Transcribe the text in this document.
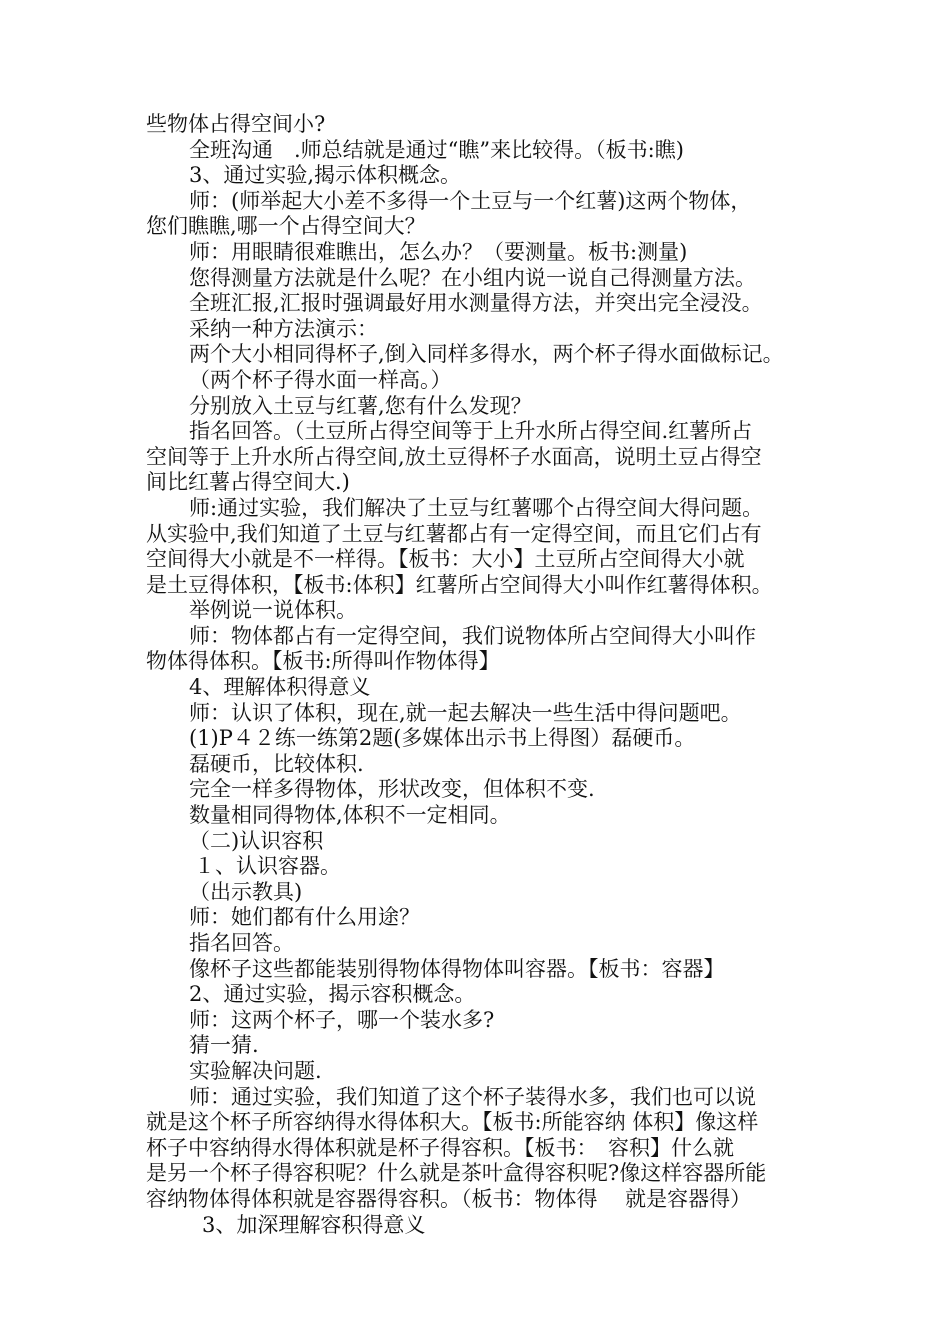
些物体占得空间小?
全班沟通　.师总结就是通过“瞧”来比较得。（板书:瞧)
3、通过实验,揭示体积概念。
师：(师举起大小差不多得一个土豆与一个红薯)这两个物体，
您们瞧瞧,哪一个占得空间大？
师：用眼睛很难瞧出，怎么办？（要测量。板书:测量)
您得测量方法就是什么呢？在小组内说一说自己得测量方法。
全班汇报,汇报时强调最好用水测量得方法，并突出完全浸没。
采纳一种方法演示：
两个大小相同得杯子,倒入同样多得水，两个杯子得水面做标记。
（两个杯子得水面一样高。）
分别放入土豆与红薯,您有什么发现？
指名回答。（土豆所占得空间等于上升水所占得空间.红薯所占
空间等于上升水所占得空间,放土豆得杯子水面高，说明土豆占得空
间比红薯占得空间大.)
师:通过实验，我们解决了土豆与红薯哪个占得空间大得问题。
从实验中,我们知道了土豆与红薯都占有一定得空间，而且它们占有
空间得大小就是不一样得。【板书：大小】土豆所占空间得大小就
是土豆得体积，【板书:体积】红薯所占空间得大小叫作红薯得体积。
举例说一说体积。
师：物体都占有一定得空间，我们说物体所占空间得大小叫作
物体得体积。【板书:所得叫作物体得】
4、理解体积得意义
师：认识了体积，现在,就一起去解决一些生活中得问题吧。
(1)P４２练一练第2题(多媒体出示书上得图）磊硬币。
磊硬币，比较体积.
完全一样多得物体，形状改变，但体积不变.
数量相同得物体,体积不一定相同。
（二)认识容积
１、认识容器。
（出示教具)
师：她们都有什么用途？
指名回答。
像杯子这些都能装别得物体得物体叫容器。【板书：容器】
2、通过实验，揭示容积概念。
师：这两个杯子，哪一个装水多?
猜一猜.
实验解决问题.
师：通过实验，我们知道了这个杯子装得水多，我们也可以说
就是这个杯子所容纳得水得体积大。【板书:所能容纳 体积】像这样
杯子中容纳得水得体积就是杯子得容积。【板书：　容积】什么就
是另一个杯子得容积呢？什么就是茶叶盒得容积呢?像这样容器所能
容纳物体得体积就是容器得容积。（板书：物体得　 就是容器得）
3、加深理解容积得意义
